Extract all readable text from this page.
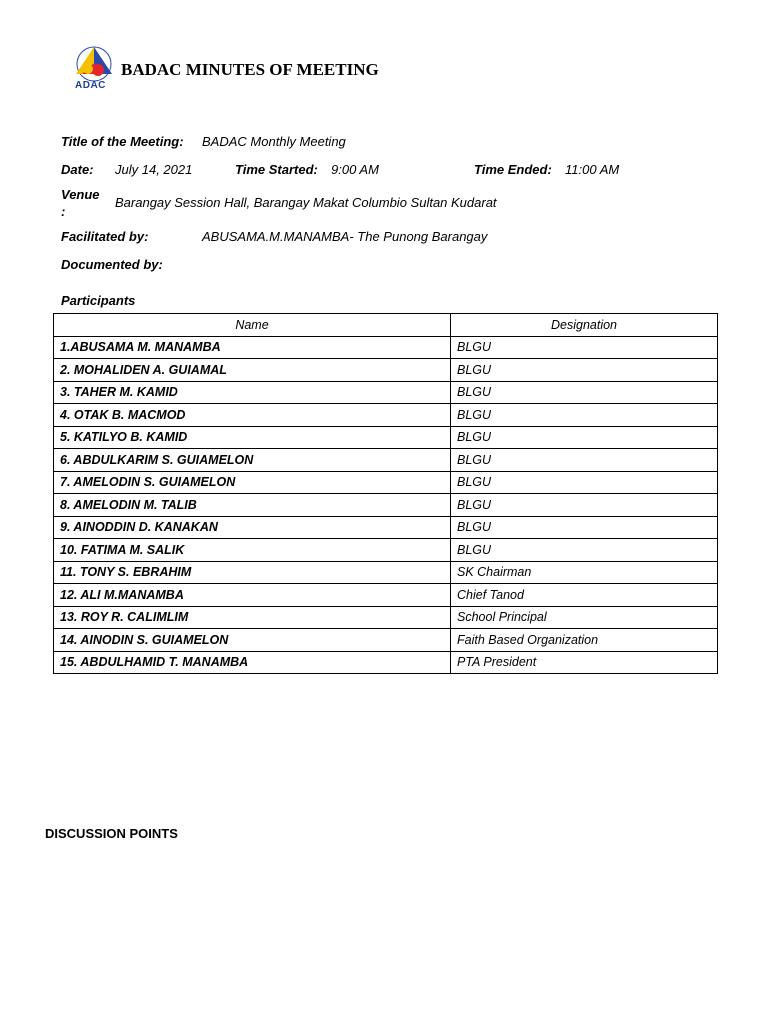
ADAC
BADAC MINUTES OF MEETING
Title of the Meeting: BADAC Monthly Meeting
Date: July 14, 2021	Time Started: 9:00 AM	Time Ended: 11:00 AM
Venue
:
Barangay Session Hall, Barangay Makat Columbio Sultan Kudarat
Facilitated by:	ABUSAMA.M.MANAMBA- The Punong Barangay
Documented by:
Participants
Name	Designation
1.ABUSAMA M. MANAMBA	BLGU
2. MOHALIDEN A. GUIAMAL	BLGU
3. TAHER M. KAMID	BLGU
4. OTAK B. MACMOD	BLGU
5. KATILYO B. KAMID	BLGU
6. ABDULKARIM S. GUIAMELON	BLGU
7. AMELODIN S. GUIAMELON	BLGU
8. AMELODIN M. TALIB	BLGU
9. AINODDIN D. KANAKAN	BLGU
10. FATIMA M. SALIK	BLGU
11. TONY S. EBRAHIM	SK Chairman
12. ALI M.MANAMBA	Chief Tanod
13. ROY R. CALIMLIM	School Principal
14. AINODIN S. GUIAMELON	Faith Based Organization
15. ABDULHAMID T. MANAMBA	PTA President
DISCUSSION POINTS
